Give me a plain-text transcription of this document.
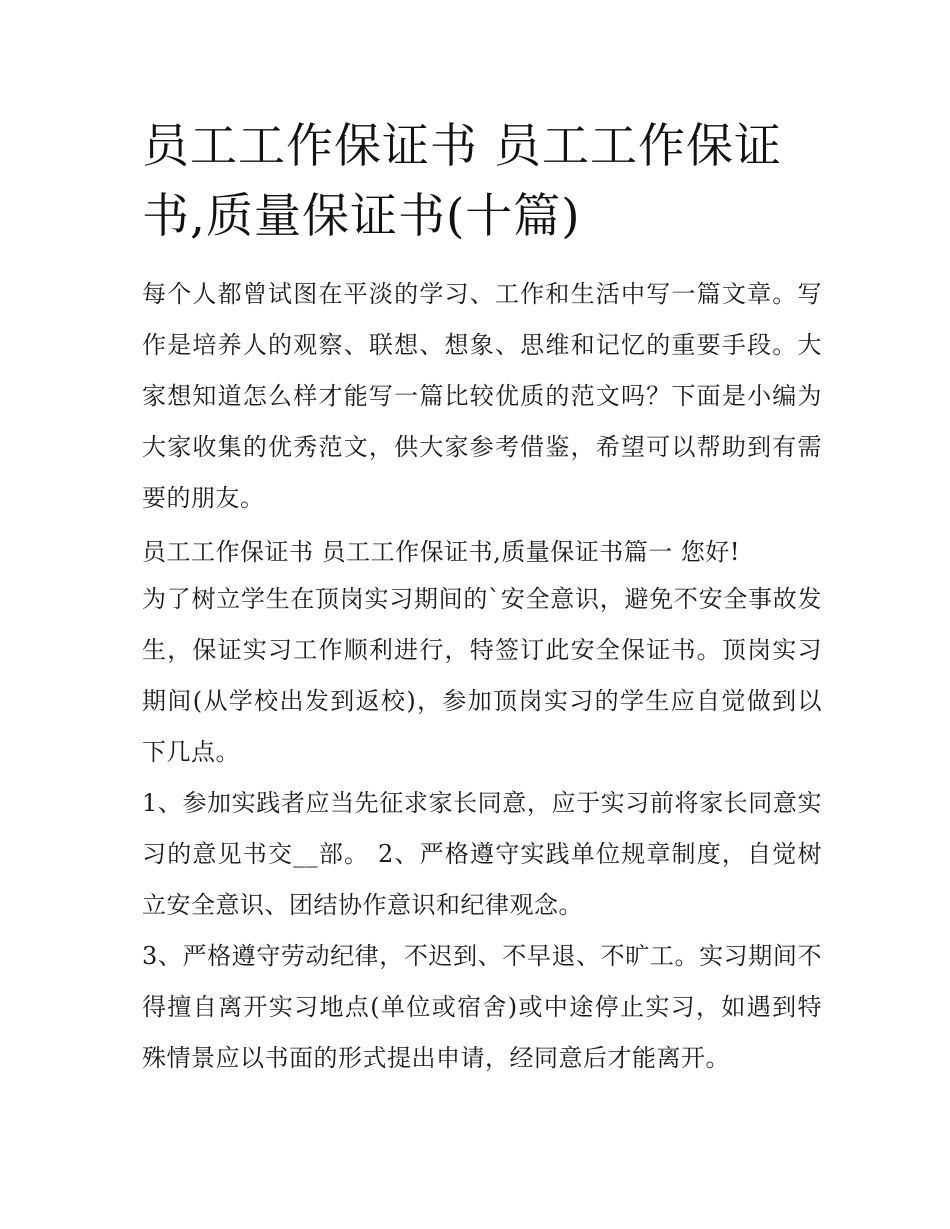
员工工作保证书 员工工作保证书,质量保证书(十篇)

每个人都曾试图在平淡的学习、工作和生活中写一篇文章。写作是培养人的观察、联想、想象、思维和记忆的重要手段。大家想知道怎么样才能写一篇比较优质的范文吗？下面是小编为大家收集的优秀范文，供大家参考借鉴，希望可以帮助到有需要的朋友。

员工工作保证书 员工工作保证书,质量保证书篇一 您好!

为了树立学生在顶岗实习期间的`安全意识，避免不安全事故发生，保证实习工作顺利进行，特签订此安全保证书。顶岗实习期间(从学校出发到返校)，参加顶岗实习的学生应自觉做到以下几点。

1、参加实践者应当先征求家长同意，应于实习前将家长同意实习的意见书交__部。 2、严格遵守实践单位规章制度，自觉树立安全意识、团结协作意识和纪律观念。

3、严格遵守劳动纪律，不迟到、不早退、不旷工。实习期间不得擅自离开实习地点(单位或宿舍)或中途停止实习，如遇到特殊情景应以书面的形式提出申请，经同意后才能离开。
